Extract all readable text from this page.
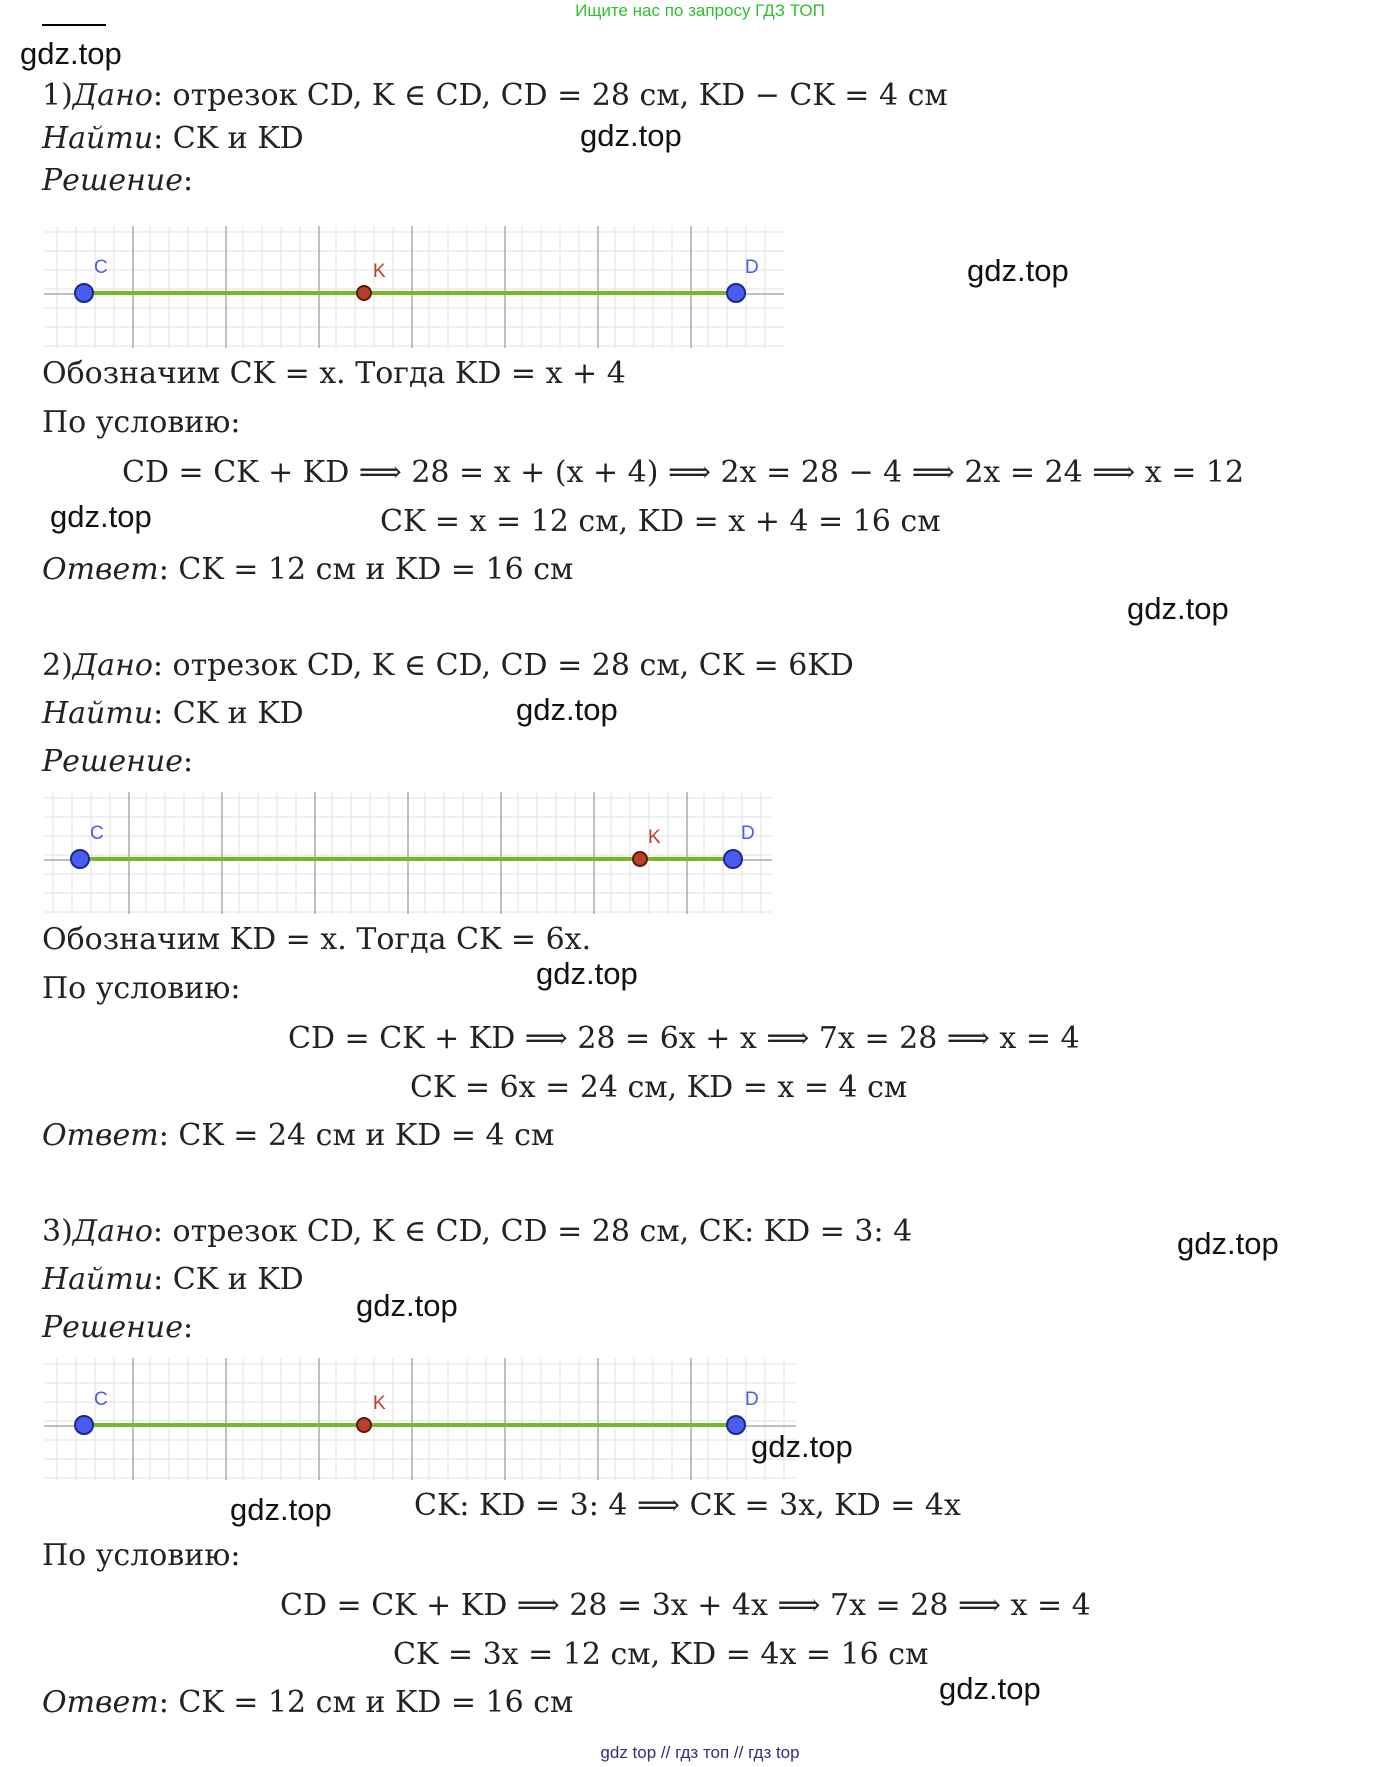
Ищите нас по запросу ГДЗ ТОП
gdz.top
1)Дано: отрезок CD, K ∈ CD, CD = 28 см, KD − CK = 4 см
Найти: CK и KD	gdz.top
Решение:
C	K	D	gdz.top
Обозначим CK = x. Тогда KD = x + 4
По условию:
CD = CK + KD ⟹ 28 = x + (x + 4) ⟹ 2x = 28 − 4 ⟹ 2x = 24 ⟹ x = 12
gdz.top	CK = x = 12 см, KD = x + 4 = 16 см
Ответ: CK = 12 см и KD = 16 см
gdz.top
2)Дано: отрезок CD, K ∈ CD, CD = 28 см, CK = 6KD
Найти: CK и KD	gdz.top
Решение:
C	K	D
Обозначим KD = x. Тогда CK = 6x.
gdz.top
По условию:
CD = CK + KD ⟹ 28 = 6x + x ⟹ 7x = 28 ⟹ x = 4
CK = 6x = 24 см, KD = x = 4 см
Ответ: CK = 24 см и KD = 4 см
3)Дано: отрезок CD, K ∈ CD, CD = 28 см, CK: KD = 3: 4	gdz.top
Найти: CK и KD
gdz.top
Решение:
C	K	D
gdz.top
gdz.top	CK: KD = 3: 4 ⟹ CK = 3x, KD = 4x
По условию:
CD = CK + KD ⟹ 28 = 3x + 4x ⟹ 7x = 28 ⟹ x = 4
CK = 3x = 12 см, KD = 4x = 16 см
gdz.top
Ответ: CK = 12 см и KD = 16 см
gdz top // гдз топ // гдз top
